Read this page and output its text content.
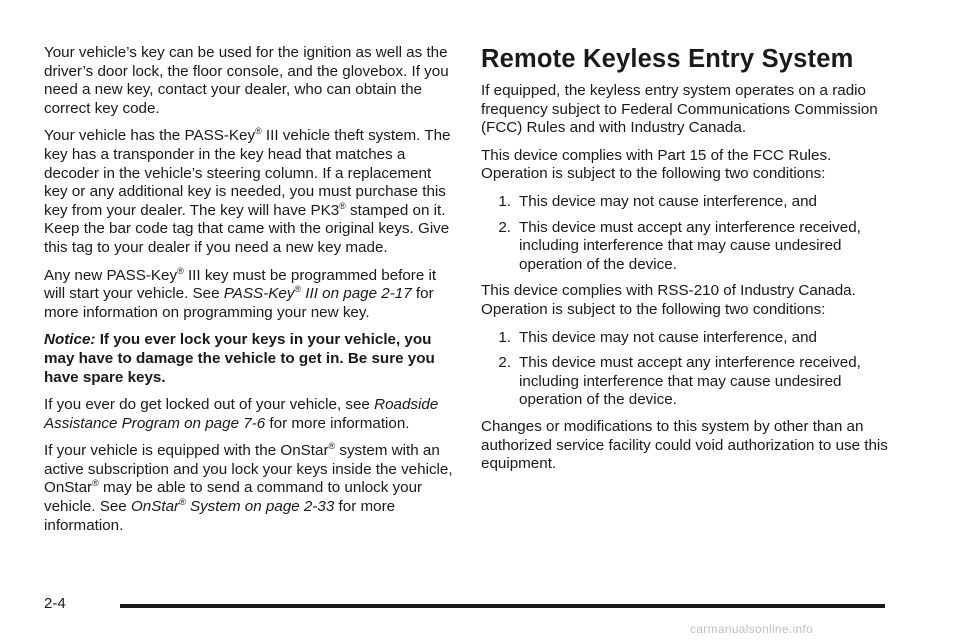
Your vehicle’s key can be used for the ignition as well as the driver’s door lock, the floor console, and the glovebox. If you need a new key, contact your dealer, who can obtain the correct key code.

Your vehicle has the PASS-Key® III vehicle theft system. The key has a transponder in the key head that matches a decoder in the vehicle’s steering column. If a replacement key or any additional key is needed, you must purchase this key from your dealer. The key will have PK3® stamped on it. Keep the bar code tag that came with the original keys. Give this tag to your dealer if you need a new key made.

Any new PASS-Key® III key must be programmed before it will start your vehicle. See PASS-Key® III on page 2-17 for more information on programming your new key.

Notice: If you ever lock your keys in your vehicle, you may have to damage the vehicle to get in. Be sure you have spare keys.

If you ever do get locked out of your vehicle, see Roadside Assistance Program on page 7-6 for more information.

If your vehicle is equipped with the OnStar® system with an active subscription and you lock your keys inside the vehicle, OnStar® may be able to send a command to unlock your vehicle. See OnStar® System on page 2-33 for more information.

Remote Keyless Entry System

If equipped, the keyless entry system operates on a radio frequency subject to Federal Communications Commission (FCC) Rules and with Industry Canada.

This device complies with Part 15 of the FCC Rules. Operation is subject to the following two conditions:

1. This device may not cause interference, and
2. This device must accept any interference received, including interference that may cause undesired operation of the device.

This device complies with RSS-210 of Industry Canada. Operation is subject to the following two conditions:

1. This device may not cause interference, and
2. This device must accept any interference received, including interference that may cause undesired operation of the device.

Changes or modifications to this system by other than an authorized service facility could void authorization to use this equipment.

2-4
carmanualsonline.info
